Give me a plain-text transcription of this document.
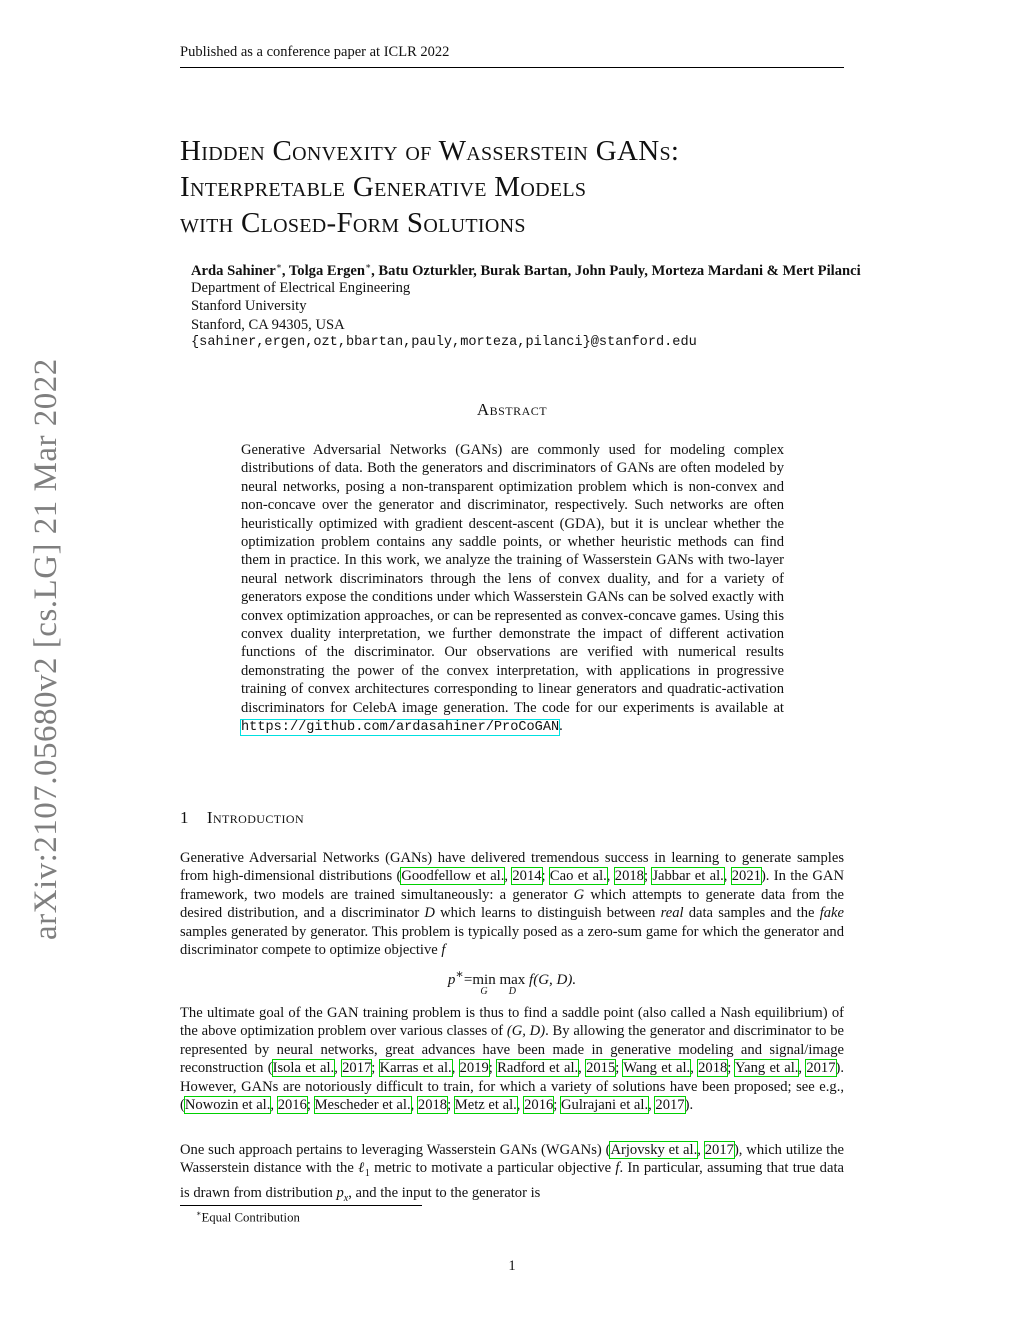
Published as a conference paper at ICLR 2022
Hidden Convexity of Wasserstein GANs:
Interpretable Generative Models
with Closed-Form Solutions
Arda Sahiner∗, Tolga Ergen∗, Batu Ozturkler, Burak Bartan, John Pauly, Morteza Mardani & Mert Pilanci
Department of Electrical Engineering
Stanford University
Stanford, CA 94305, USA
{sahiner,ergen,ozt,bbartan,pauly,morteza,pilanci}@stanford.edu
Abstract
Generative Adversarial Networks (GANs) are commonly used for modeling complex distributions of data. Both the generators and discriminators of GANs are often modeled by neural networks, posing a non-transparent optimization problem which is non-convex and non-concave over the generator and discriminator, respectively. Such networks are often heuristically optimized with gradient descent-ascent (GDA), but it is unclear whether the optimization problem contains any saddle points, or whether heuristic methods can find them in practice. In this work, we analyze the training of Wasserstein GANs with two-layer neural network discriminators through the lens of convex duality, and for a variety of generators expose the conditions under which Wasserstein GANs can be solved exactly with convex optimization approaches, or can be represented as convex-concave games. Using this convex duality interpretation, we further demonstrate the impact of different activation functions of the discriminator. Our observations are verified with numerical results demonstrating the power of the convex interpretation, with applications in progressive training of convex architectures corresponding to linear generators and quadratic-activation discriminators for CelebA image generation. The code for our experiments is available at https://github.com/ardasahiner/ProCoGAN.
1 Introduction
Generative Adversarial Networks (GANs) have delivered tremendous success in learning to generate samples from high-dimensional distributions (Goodfellow et al., 2014; Cao et al., 2018; Jabbar et al., 2021). In the GAN framework, two models are trained simultaneously: a generator G which attempts to generate data from the desired distribution, and a discriminator D which learns to distinguish between real data samples and the fake samples generated by generator. This problem is typically posed as a zero-sum game for which the generator and discriminator compete to optimize objective f
p∗=min
G
max
D
f(G, D).
The ultimate goal of the GAN training problem is thus to find a saddle point (also called a Nash equilibrium) of the above optimization problem over various classes of (G, D). By allowing the generator and discriminator to be represented by neural networks, great advances have been made in generative modeling and signal/image reconstruction (Isola et al., 2017; Karras et al., 2019; Radford et al., 2015; Wang et al., 2018; Yang et al., 2017). However, GANs are notoriously difficult to train, for which a variety of solutions have been proposed; see e.g., (Nowozin et al., 2016; Mescheder et al., 2018; Metz et al., 2016; Gulrajani et al., 2017).
One such approach pertains to leveraging Wasserstein GANs (WGANs) (Arjovsky et al., 2017), which utilize the Wasserstein distance with the ℓ$_1$ metric to motivate a particular objective f. In particular, assuming that true data is drawn from distribution $p_x$, and the input to the generator is
∗Equal Contribution
1
arXiv:2107.05680v2 [cs.LG] 21 Mar 2022
